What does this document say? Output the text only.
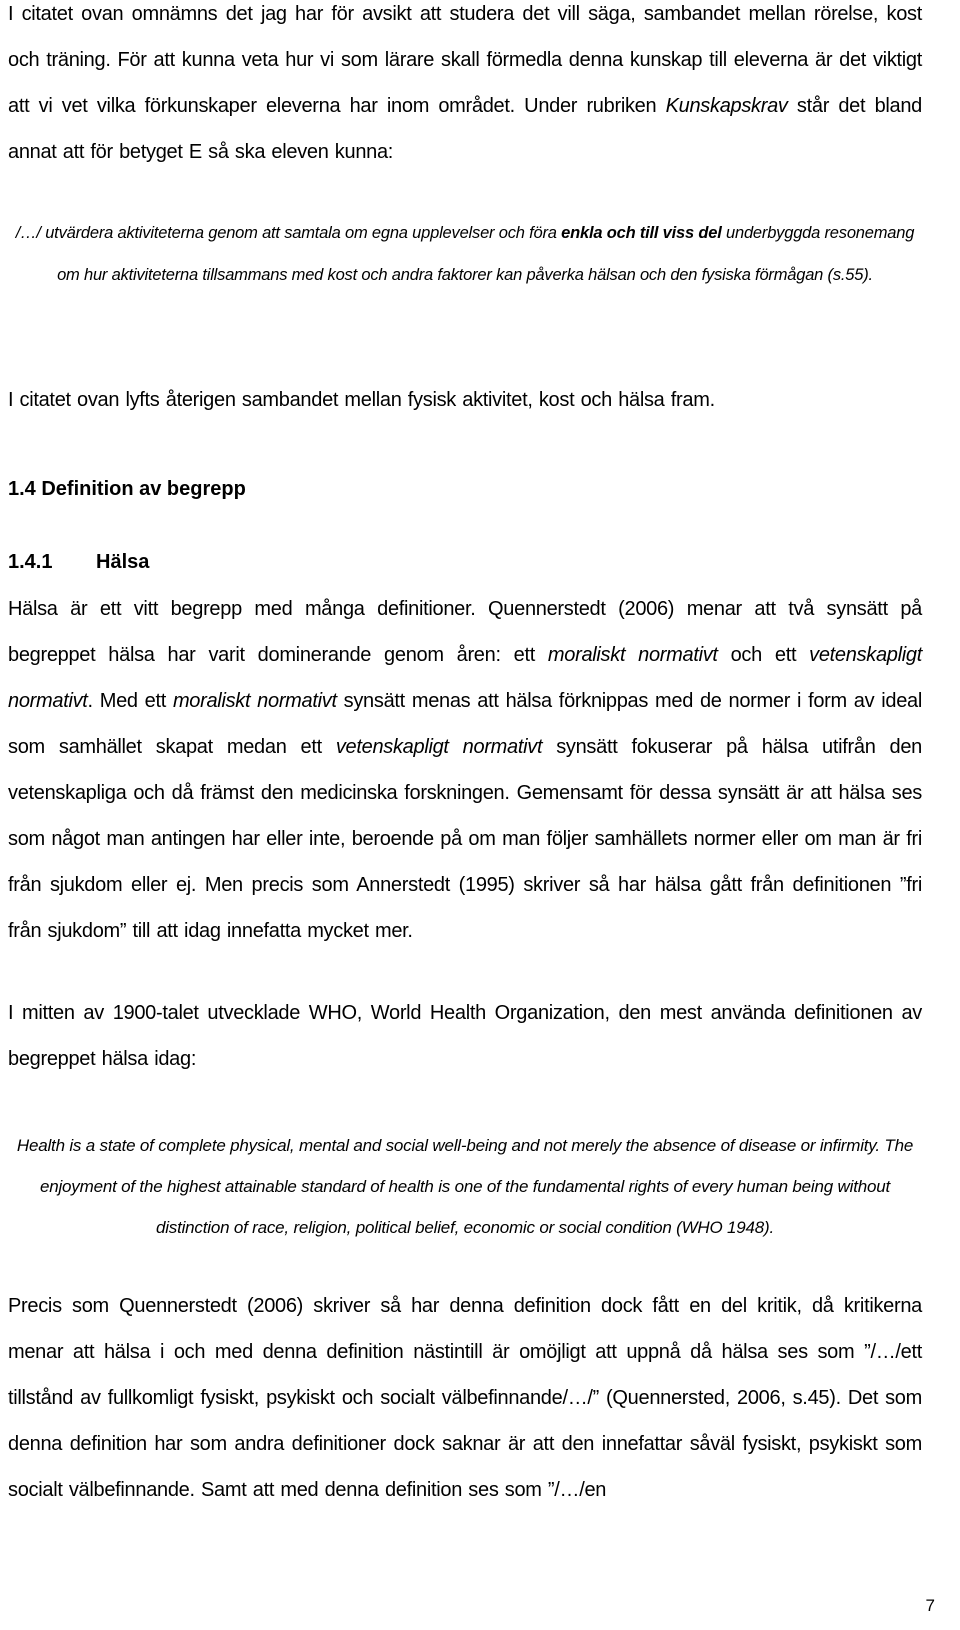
I citatet ovan omnämns det jag har för avsikt att studera det vill säga, sambandet mellan rörelse, kost och träning. För att kunna veta hur vi som lärare skall förmedla denna kunskap till eleverna är det viktigt att vi vet vilka förkunskaper eleverna har inom området. Under rubriken Kunskapskrav står det bland annat att för betyget E så ska eleven kunna:

/…/ utvärdera aktiviteterna genom att samtala om egna upplevelser och föra enkla och till viss del underbyggda resonemang om hur aktiviteterna tillsammans med kost och andra faktorer kan påverka hälsan och den fysiska förmågan (s.55).

I citatet ovan lyfts återigen sambandet mellan fysisk aktivitet, kost och hälsa fram.

1.4 Definition av begrepp
1.4.1 Hälsa

Hälsa är ett vitt begrepp med många definitioner. Quennerstedt (2006) menar att två synsätt på begreppet hälsa har varit dominerande genom åren: ett moraliskt normativt och ett vetenskapligt normativt. Med ett moraliskt normativt synsätt menas att hälsa förknippas med de normer i form av ideal som samhället skapat medan ett vetenskapligt normativt synsätt fokuserar på hälsa utifrån den vetenskapliga och då främst den medicinska forskningen. Gemensamt för dessa synsätt är att hälsa ses som något man antingen har eller inte, beroende på om man följer samhällets normer eller om man är fri från sjukdom eller ej. Men precis som Annerstedt (1995) skriver så har hälsa gått från definitionen ”fri från sjukdom” till att idag innefatta mycket mer.

I mitten av 1900-talet utvecklade WHO, World Health Organization, den mest använda definitionen av begreppet hälsa idag:

Health is a state of complete physical, mental and social well-being and not merely the absence of disease or infirmity. The enjoyment of the highest attainable standard of health is one of the fundamental rights of every human being without distinction of race, religion, political belief, economic or social condition (WHO 1948).

Precis som Quennerstedt (2006) skriver så har denna definition dock fått en del kritik, då kritikerna menar att hälsa i och med denna definition nästintill är omöjligt att uppnå då hälsa ses som ”/…/ett tillstånd av fullkomligt fysiskt, psykiskt och socialt välbefinnande/…/” (Quennersted, 2006, s.45). Det som denna definition har som andra definitioner dock saknar är att den innefattar såväl fysiskt, psykiskt som socialt välbefinnande. Samt att med denna definition ses som ”/…/en

7
